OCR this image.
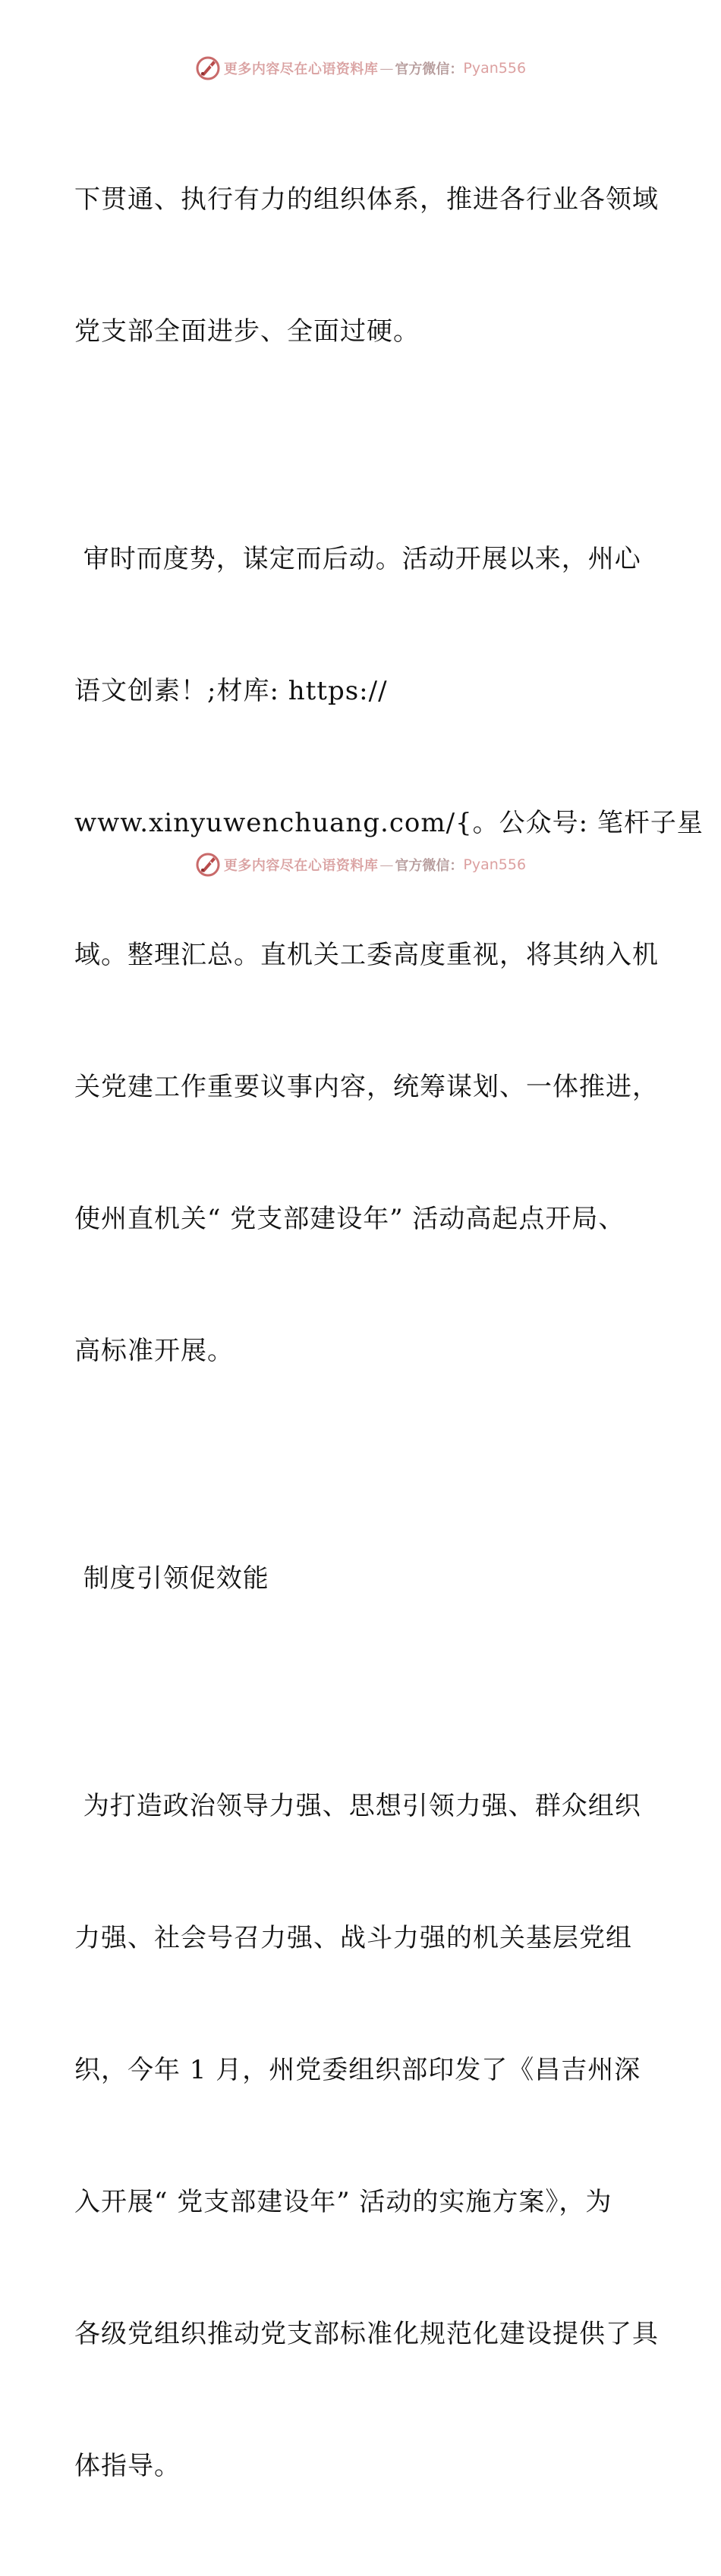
更多内容尽在心语资料库 — 官方微信： Pyan556

下贯通、执行有力的组织体系，推进各行业各领域

党支部全面进步、全面过硬。

审时而度势，谋定而后动。活动开展以来，州心

语文创素！;材库: https://

www.xinyuwenchuang.com/{。公众号: 笔杆子星

域。整理汇总。直机关工委高度重视，将其纳入机

关党建工作重要议事内容，统筹谋划、一体推进，

使州直机关“ 党支部建设年” 活动高起点开局、

高标准开展。

制度引领促效能

为打造政治领导力强、思想引领力强、群众组织

力强、社会号召力强、战斗力强的机关基层党组

织，今年 1 月，州党委组织部印发了《昌吉州深

入开展“ 党支部建设年” 活动的实施方案》，为

各级党组织推动党支部标准化规范化建设提供了具

体指导。

更多内容尽在心语资料库 — 官方微信： Pyan556
